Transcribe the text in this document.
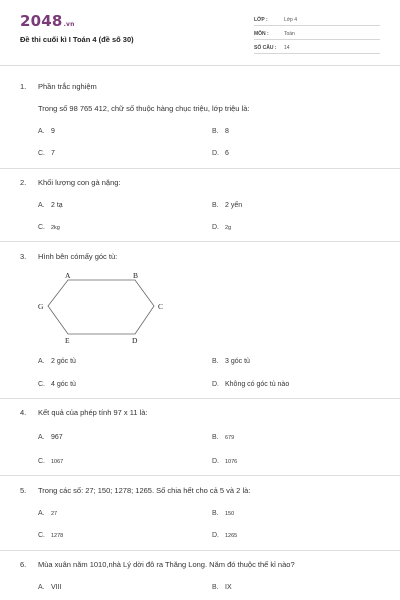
2048.vn
Đề thi cuối kì I Toán 4 (đề số 30)
LỚP :	Lớp 4
MÔN :	Toán
SỐ CÂU : 14
1. Phần trắc nghiệm
Trong số 98 765 412, chữ số thuộc hàng chục triệu, lớp triệu là:
A. 9	B. 8
C. 7	D. 6
2. Khối lượng con gà nặng:
A. 2 tạ	B. 2 yến
C. 2kg	D. 2g
3. Hình bên cómấy góc tù:
A. 2 góc tù	B. 3 góc tù
C. 4 góc tù	D. Không có góc tù nào
A	B
C
D
E
G
4. Kết quả của phép tính 97 x 11 là:
A. 967	B. 679
C. 1067	D. 1076
5. Trong các số: 27; 150; 1278; 1265. Số chia hết cho cả 5 và 2 là:
A. 27	B. 150
C. 1278	D. 1265
6. Mùa xuân năm 1010,nhà Lý dời đô ra Thăng Long. Năm đó thuộc thế kỉ nào?
A. VIII	B. IX
